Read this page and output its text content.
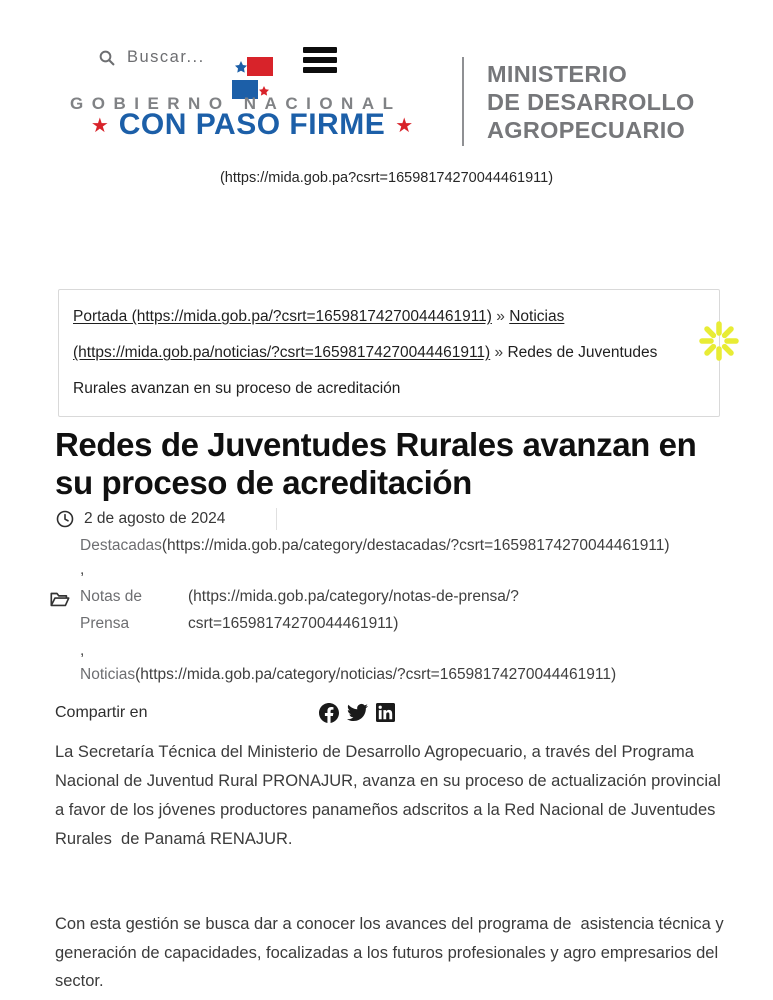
Buscar...
GOBIERNO NACIONAL
★ CON PASO FIRME ★
MINISTERIO
DE DESARROLLO
AGROPECUARIO
(https://mida.gob.pa?csrt=16598174270044461911)
Portada (https://mida.gob.pa/?csrt=16598174270044461911) » Noticias (https://mida.gob.pa/noticias/?csrt=16598174270044461911) » Redes de Juventudes Rurales avanzan en su proceso de acreditación
Redes de Juventudes Rurales avanzan en su proceso de acreditación
2 de agosto de 2024
Destacadas(https://mida.gob.pa/category/destacadas/?csrt=16598174270044461911)
,
Notas de Prensa
(https://mida.gob.pa/category/notas-de-prensa/?
csrt=16598174270044461911)
,
Noticias(https://mida.gob.pa/category/noticias/?csrt=16598174270044461911)
Compartir en

La Secretaría Técnica del Ministerio de Desarrollo Agropecuario, a través del Programa Nacional de Juventud Rural PRONAJUR, avanza en su proceso de actualización provincial a favor de los jóvenes productores panameños adscritos a la Red Nacional de Juventudes Rurales  de Panamá RENAJUR.

Con esta gestión se busca dar a conocer los avances del programa de  asistencia técnica y generación de capacidades, focalizadas a los futuros profesionales y agro empresarios del sector.
